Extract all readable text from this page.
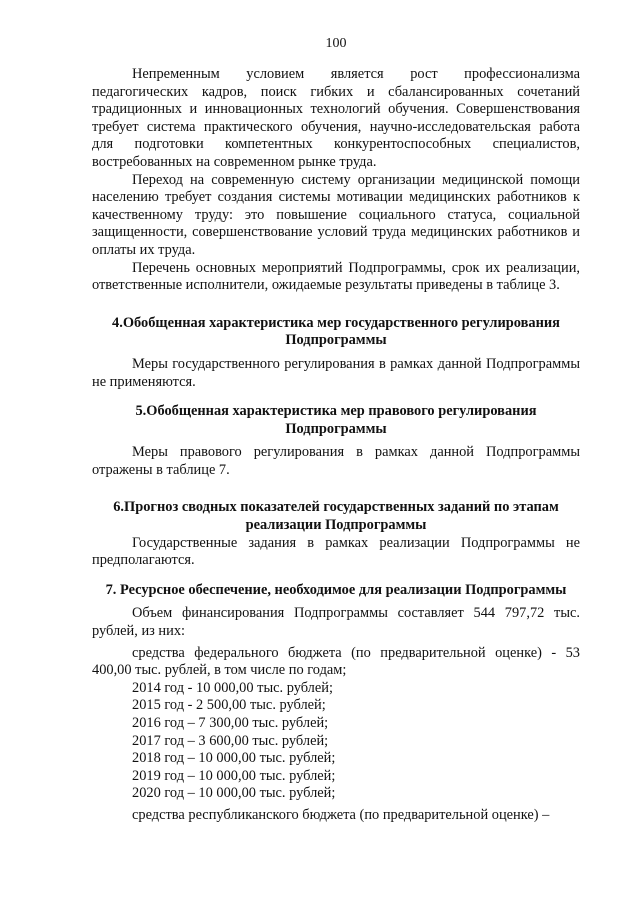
100

Непременным условием является рост профессионализма педагогических кадров, поиск гибких и сбалансированных сочетаний традиционных и инновационных технологий обучения. Совершенствования требует система практического обучения, научно-исследовательская работа для подготовки компетентных конкурентоспособных специалистов, востребованных на современном рынке труда.

Переход на современную систему организации медицинской помощи населению требует создания системы мотивации медицинских работников к качественному труду: это повышение социального статуса, социальной защищенности, совершенствование условий труда медицинских работников и оплаты их труда.

Перечень основных мероприятий Подпрограммы, срок их реализации, ответственные исполнители, ожидаемые результаты приведены в таблице 3.

4.Обобщенная характеристика мер государственного регулирования Подпрограммы

Меры государственного регулирования в рамках данной Подпрограммы не применяются.

5.Обобщенная характеристика мер правового регулирования Подпрограммы

Меры правового регулирования в рамках данной Подпрограммы отражены в таблице 7.

6.Прогноз сводных показателей государственных заданий по этапам реализации Подпрограммы

Государственные задания в рамках реализации Подпрограммы не предполагаются.

7. Ресурсное обеспечение, необходимое для реализации Подпрограммы

Объем финансирования Подпрограммы составляет 544 797,72 тыс. рублей, из них:

средства федерального бюджета (по предварительной оценке) - 53 400,00 тыс. рублей, в том числе по годам;

2014 год - 10 000,00 тыс. рублей;
2015 год - 2 500,00 тыс. рублей;
2016 год – 7 300,00 тыс. рублей;
2017 год – 3 600,00 тыс. рублей;
2018 год – 10 000,00 тыс. рублей;
2019 год – 10 000,00 тыс. рублей;
2020 год – 10 000,00 тыс. рублей;

средства республиканского бюджета (по предварительной оценке) –
